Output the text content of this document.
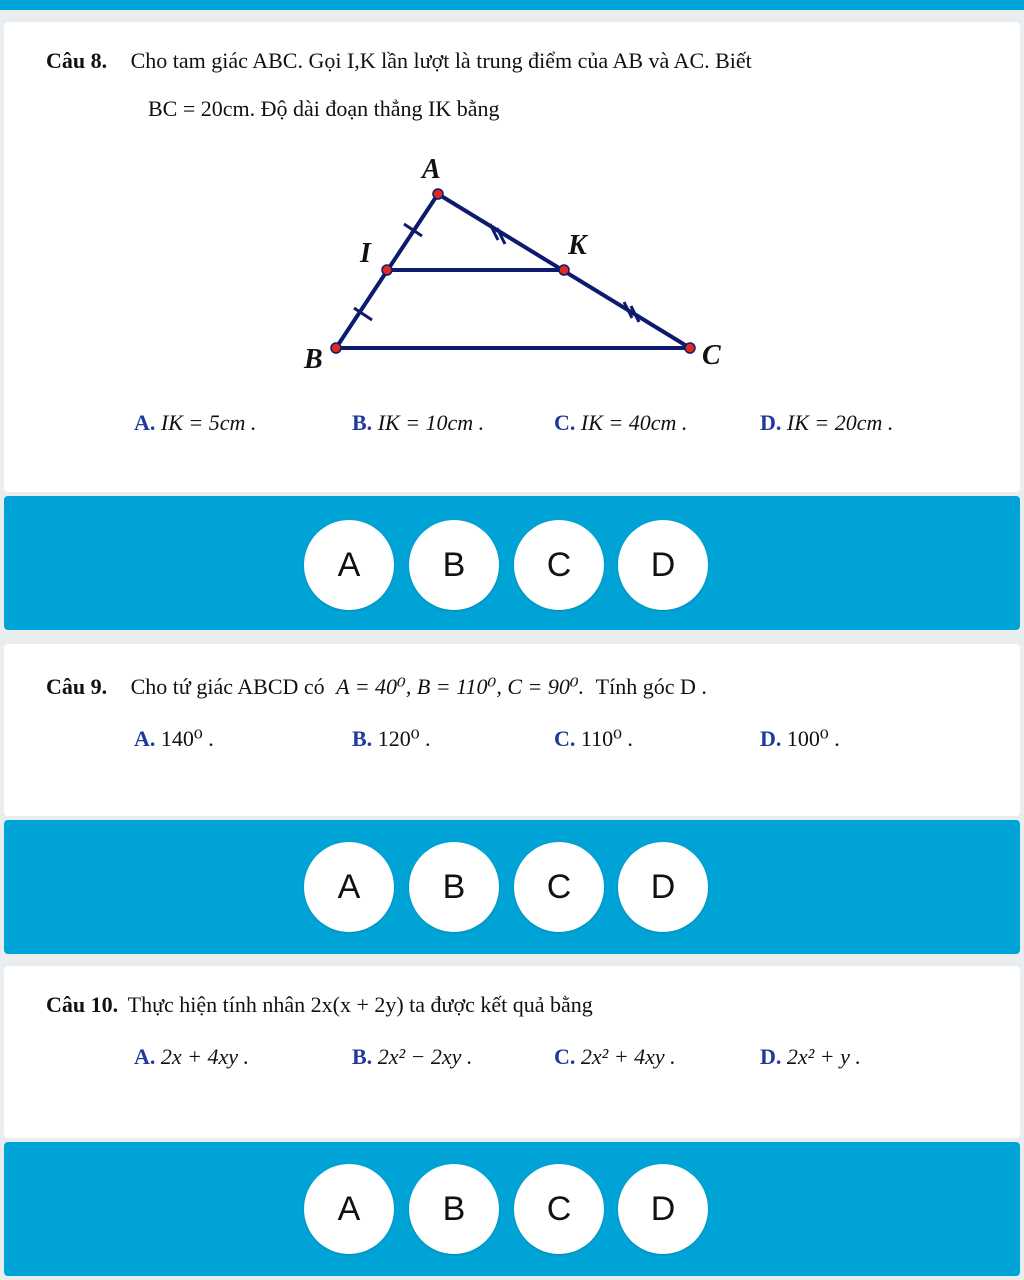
Câu 8. Cho tam giác ABC. Gọi I,K lần lượt là trung điểm của AB và AC. Biết
BC = 20cm. Độ dài đoạn thẳng IK bằng
A
I	K
B	C
A. IK = 5cm .	B. IK = 10cm .	C. IK = 40cm .	D. IK = 20cm .
A	B	C	D
Câu 9. Cho tứ giác ABCD có A = 40⁰, B = 110⁰, C = 90⁰. Tính góc D .
A. 140⁰ .	B. 120⁰ .	C. 110⁰ .	D. 100⁰ .
A	B	C	D
Câu 10. Thực hiện tính nhân 2x(x + 2y) ta được kết quả bằng
A. 2x + 4xy .	B. 2x² − 2xy .	C. 2x² + 4xy .	D. 2x² + y .
A	B	C	D
